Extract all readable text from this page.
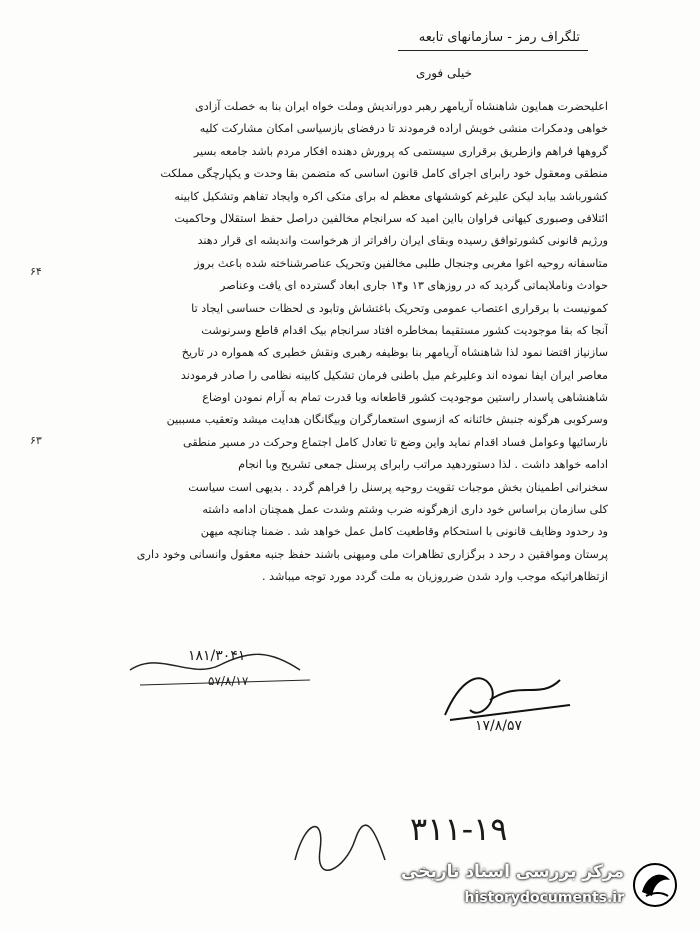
تلگراف رمز - سازمانهای تابعه
خیلی فوری
اعلیحضرت همایون شاهنشاه آریامهر رهبر دوراندیش وملت خواه ایران بنا به خصلت آزادی
خواهی ودمکرات منشی خویش اراده فرمودند تا درفضای بازسیاسی امکان مشارکت کلیه
گروهها فراهم وازطریق برقراری سیستمی که پرورش دهنده افکار مردم باشد جامعه بسیر
منطقی ومعقول خود رابرای اجرای کامل قانون اساسی که متضمن بقا وحدت و یکپارچگی مملکت
کشورباشد بیابد لیکن علیرغم کوششهای معظم له برای متکی اکره وایجاد تفاهم وتشکیل کابینه
ائتلافی وصبوری کیهانی فراوان بااین امید که سرانجام مخالفین دراصل حفظ استقلال وحاکمیت
ورژیم قانونی کشورتوافق رسیده وبقای ایران رافراتر از هرخواست واندیشه ای قرار دهند
متاسفانه روحیه اغوا مغربی وجنجال طلبی مخالفین وتحریک عناصرشناخته شده باعث بروز
حوادث وناملایماتی گردید که در روزهای ۱۳ و۱۴ جاری ابعاد گسترده ای یافت وعناصر
کمونیست با برقراری اعتصاب عمومی وتحریک باغتشاش وتابود ی لحظات حساسی ایجاد تا
آنجا که بقا موجودیت کشور مستقیما بمخاطره افتاد سرانجام بیک اقدام قاطع وسرنوشت
سازنیاز اقتضا نمود لذا شاهنشاه آریامهر بنا بوظیفه رهبری ونقش خطیری که همواره در تاریخ
معاصر ایران ایفا نموده اند وعلیرغم میل باطنی فرمان تشکیل کابینه نظامی را صادر فرمودند
شاهنشاهی پاسدار راستین موجودیت کشور قاطعانه وبا قدرت تمام به آرام نمودن اوضاع
وسرکوبی هرگونه جنبش خائنانه که ازسوی استعمارگران وبیگانگان هدایت میشد وتعقیب مسببین
نارسائیها وعوامل فساد اقدام نماید واین وضع تا تعادل کامل اجتماع وحرکت در مسیر منطقی
ادامه خواهد داشت . لذا دستوردهید مراتب رابرای پرسنل جمعی تشریح وبا انجام
سخنرانی اطمینان بخش موجبات تقویت روحیه پرسنل را فراهم گردد . بدیهی است سیاست
کلی سازمان براساس خود داری ازهرگونه ضرب وشتم وشدت عمل همچنان ادامه داشته
ود رحدود وظایف قانونی با استحکام وقاطعیت کامل عمل خواهد شد . ضمنا چنانچه میهن
پرستان وموافقین د رحد د برگزاری تظاهرات ملی ومیهنی باشند حفظ جنبه معقول وانسانی وخود داری
ازتظاهراتیکه موجب وارد شدن ضرروزیان به ملت گردد مورد توجه میباشد .
۶۴
۶۳
۱۸۱/۳۰۴۱
۵۷/۸/۱۷
۱۷/۸/۵۷
۳۱۱-۱۹
مرکز بررسی اسناد تاریخی
historydocuments.ir
